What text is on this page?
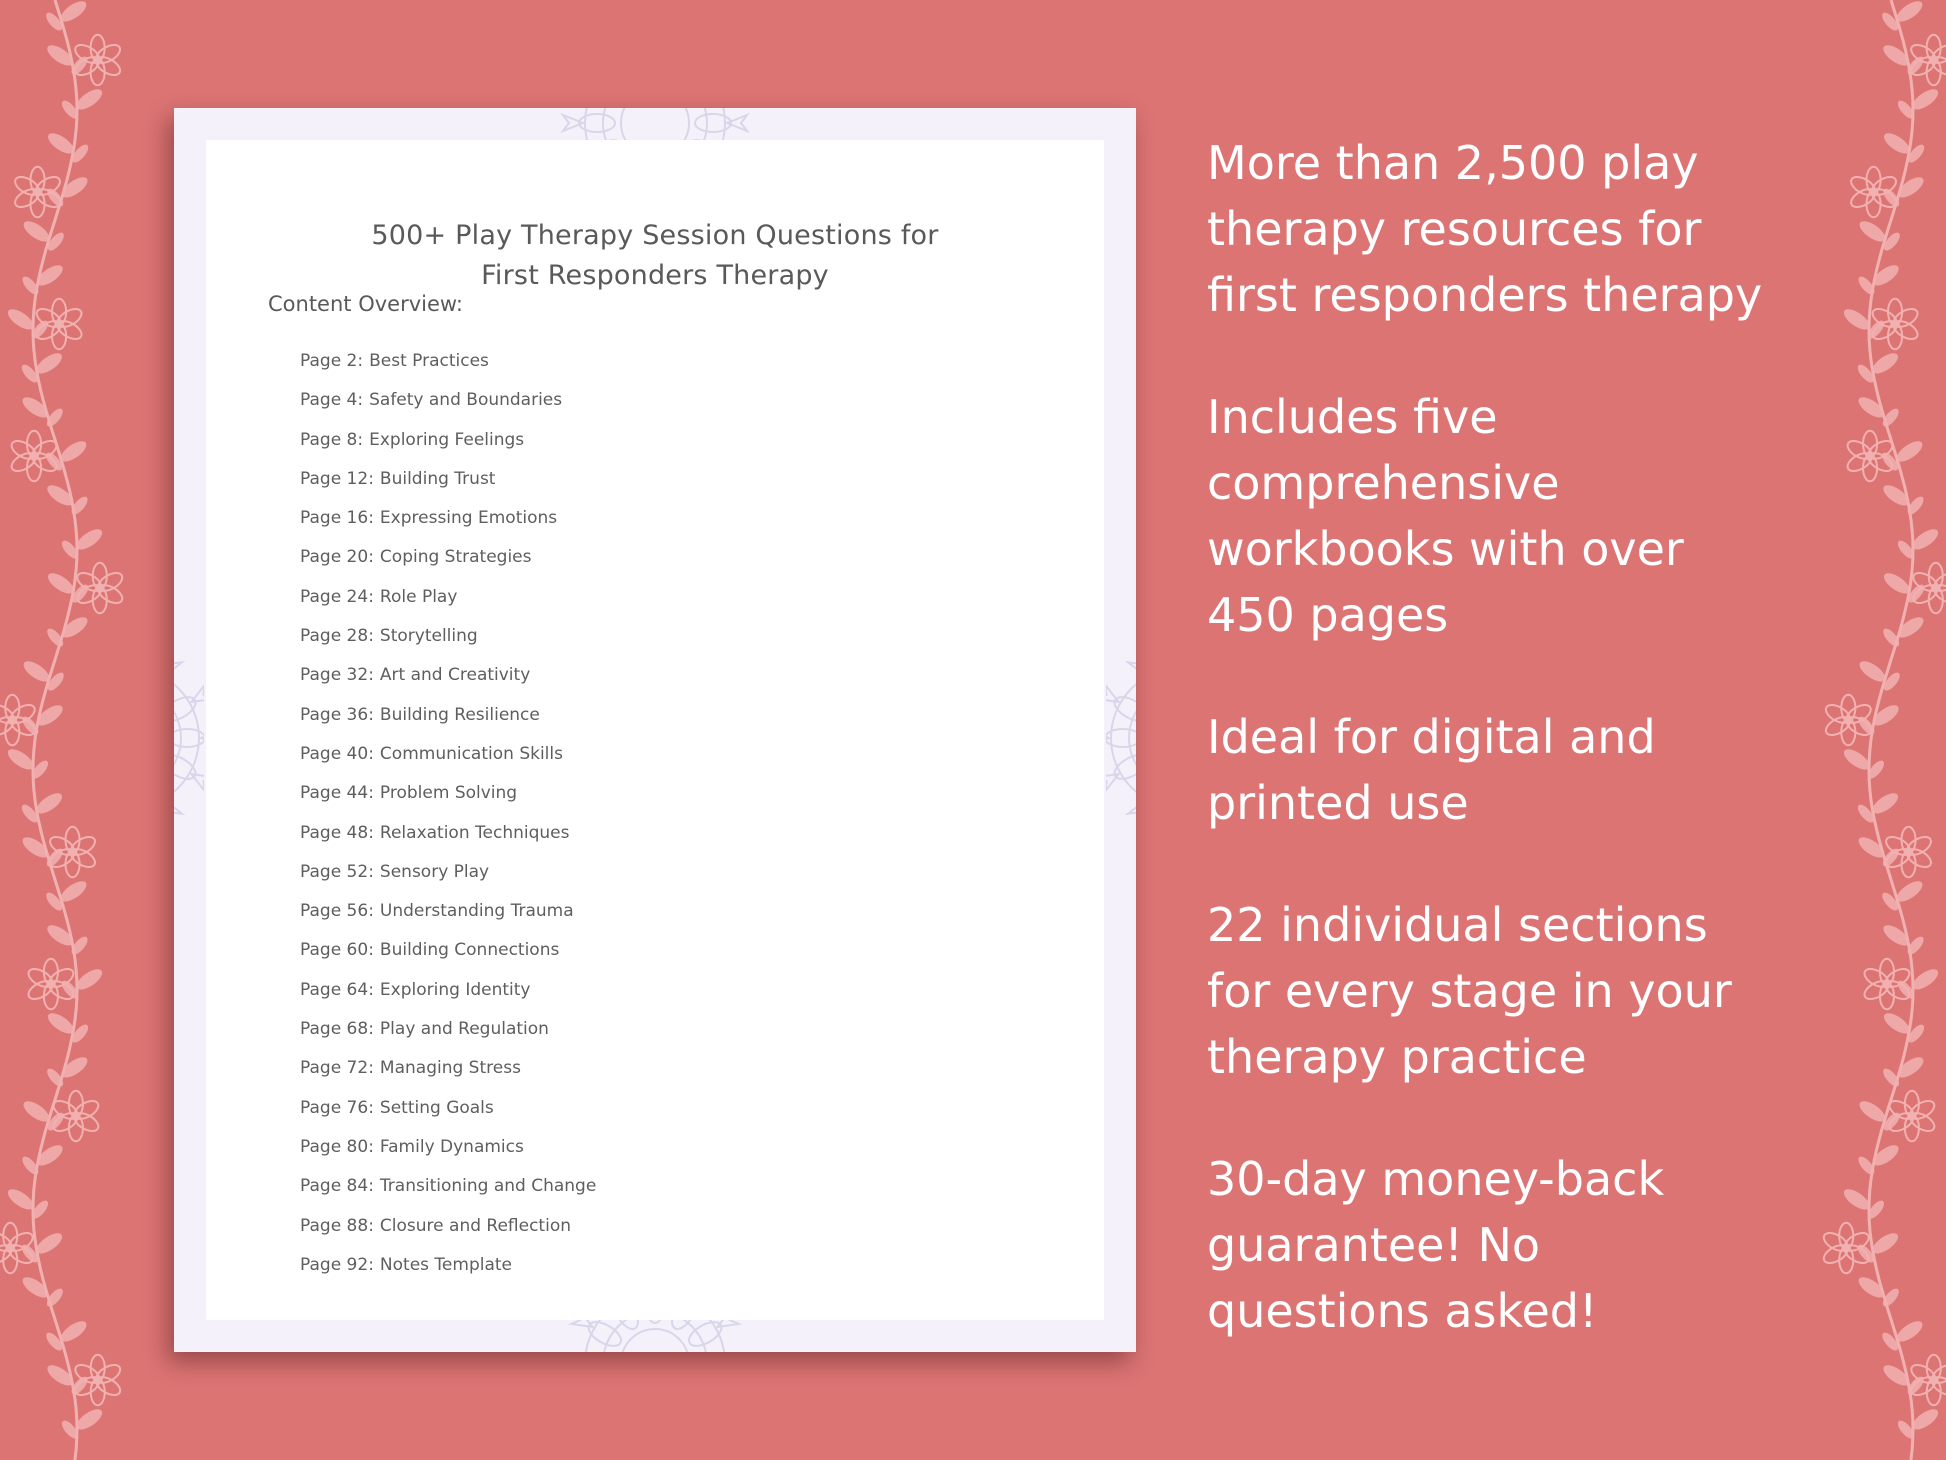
500+ Play Therapy Session Questions for
First Responders Therapy
Content Overview:
Page 2: Best Practices
Page 4: Safety and Boundaries
Page 8: Exploring Feelings
Page 12: Building Trust
Page 16: Expressing Emotions
Page 20: Coping Strategies
Page 24: Role Play
Page 28: Storytelling
Page 32: Art and Creativity
Page 36: Building Resilience
Page 40: Communication Skills
Page 44: Problem Solving
Page 48: Relaxation Techniques
Page 52: Sensory Play
Page 56: Understanding Trauma
Page 60: Building Connections
Page 64: Exploring Identity
Page 68: Play and Regulation
Page 72: Managing Stress
Page 76: Setting Goals
Page 80: Family Dynamics
Page 84: Transitioning and Change
Page 88: Closure and Reflection
Page 92: Notes Template
More than 2,500 play
therapy resources for
first responders therapy
Includes five
comprehensive
workbooks with over
450 pages
Ideal for digital and
printed use
22 individual sections
for every stage in your
therapy practice
30-day money-back
guarantee! No
questions asked!
